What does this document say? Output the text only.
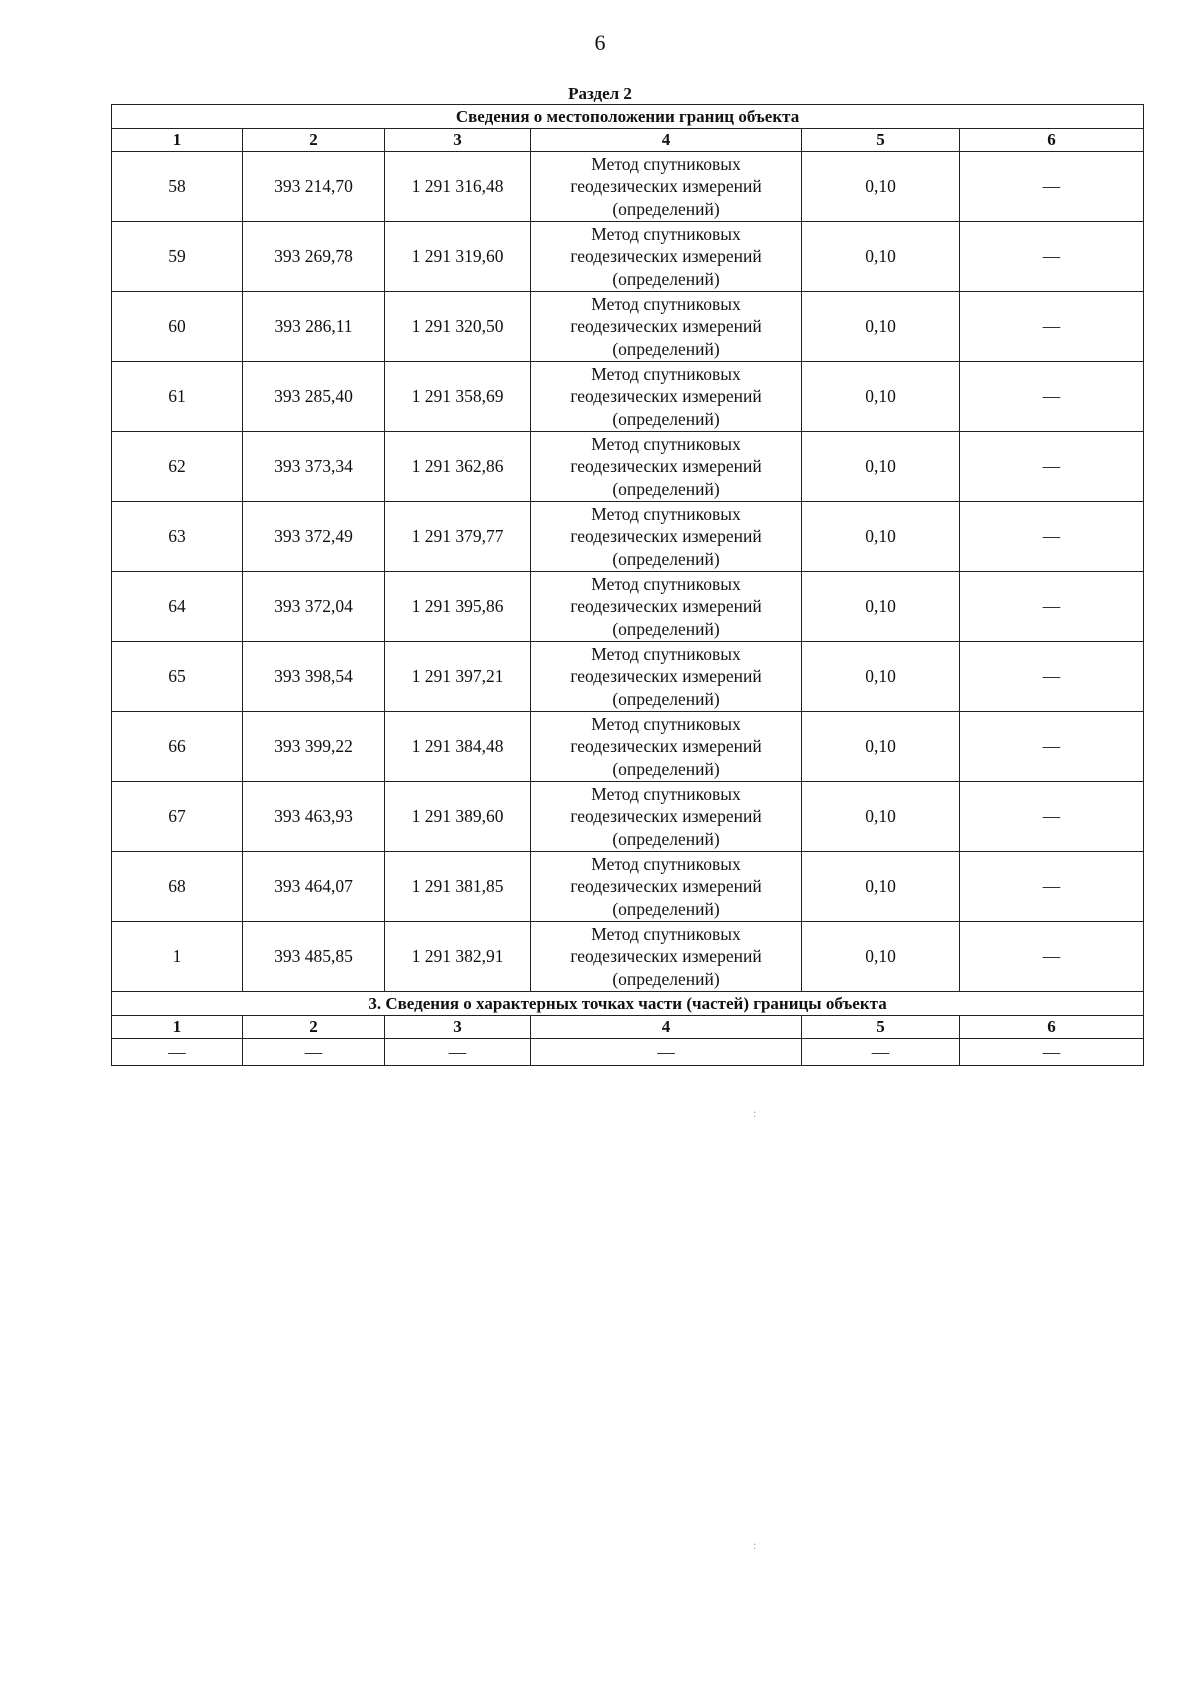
6
Раздел 2
Сведения о местоположении границ объекта					
1	2	3	4	5	6
58	393 214,70	1 291 316,48	Метод спутниковых
геодезических измерений
(определений)	0,10	—
59	393 269,78	1 291 319,60	Метод спутниковых
геодезических измерений
(определений)	0,10	—
60	393 286,11	1 291 320,50	Метод спутниковых
геодезических измерений
(определений)	0,10	—
61	393 285,40	1 291 358,69	Метод спутниковых
геодезических измерений
(определений)	0,10	—
62	393 373,34	1 291 362,86	Метод спутниковых
геодезических измерений
(определений)	0,10	—
63	393 372,49	1 291 379,77	Метод спутниковых
геодезических измерений
(определений)	0,10	—
64	393 372,04	1 291 395,86	Метод спутниковых
геодезических измерений
(определений)	0,10	—
65	393 398,54	1 291 397,21	Метод спутниковых
геодезических измерений
(определений)	0,10	—
66	393 399,22	1 291 384,48	Метод спутниковых
геодезических измерений
(определений)	0,10	—
67	393 463,93	1 291 389,60	Метод спутниковых
геодезических измерений
(определений)	0,10	—
68	393 464,07	1 291 381,85	Метод спутниковых
геодезических измерений
(определений)	0,10	—
1	393 485,85	1 291 382,91	Метод спутниковых
геодезических измерений
(определений)	0,10	—
3. Сведения о характерных точках части (частей) границы объекта					
1	2	3	4	5	6
—	—	—	—	—	—
:
:
